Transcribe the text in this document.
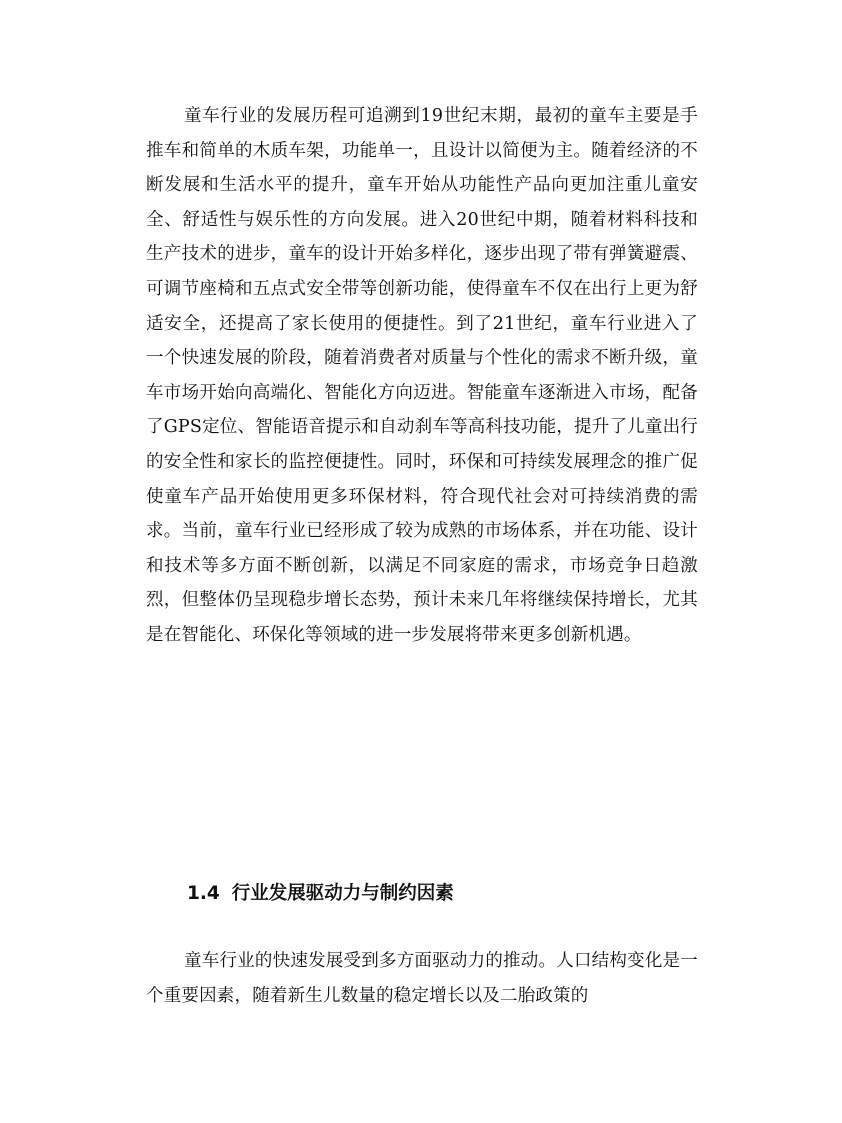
童车行业的发展历程可追溯到19世纪末期，最初的童车主要是手推车和简单的木质车架，功能单一，且设计以简便为主。随着经济的不断发展和生活水平的提升，童车开始从功能性产品向更加注重儿童安全、舒适性与娱乐性的方向发展。进入20世纪中期，随着材料科技和生产技术的进步，童车的设计开始多样化，逐步出现了带有弹簧避震、可调节座椅和五点式安全带等创新功能，使得童车不仅在出行上更为舒适安全，还提高了家长使用的便捷性。到了21世纪，童车行业进入了一个快速发展的阶段，随着消费者对质量与个性化的需求不断升级，童车市场开始向高端化、智能化方向迈进。智能童车逐渐进入市场，配备了GPS定位、智能语音提示和自动刹车等高科技功能，提升了儿童出行的安全性和家长的监控便捷性。同时，环保和可持续发展理念的推广促使童车产品开始使用更多环保材料，符合现代社会对可持续消费的需求。当前，童车行业已经形成了较为成熟的市场体系，并在功能、设计和技术等多方面不断创新，以满足不同家庭的需求，市场竞争日趋激烈，但整体仍呈现稳步增长态势，预计未来几年将继续保持增长，尤其是在智能化、环保化等领域的进一步发展将带来更多创新机遇。

1.4 行业发展驱动力与制约因素

童车行业的快速发展受到多方面驱动力的推动。人口结构变化是一个重要因素，随着新生儿数量的稳定增长以及二胎政策的
